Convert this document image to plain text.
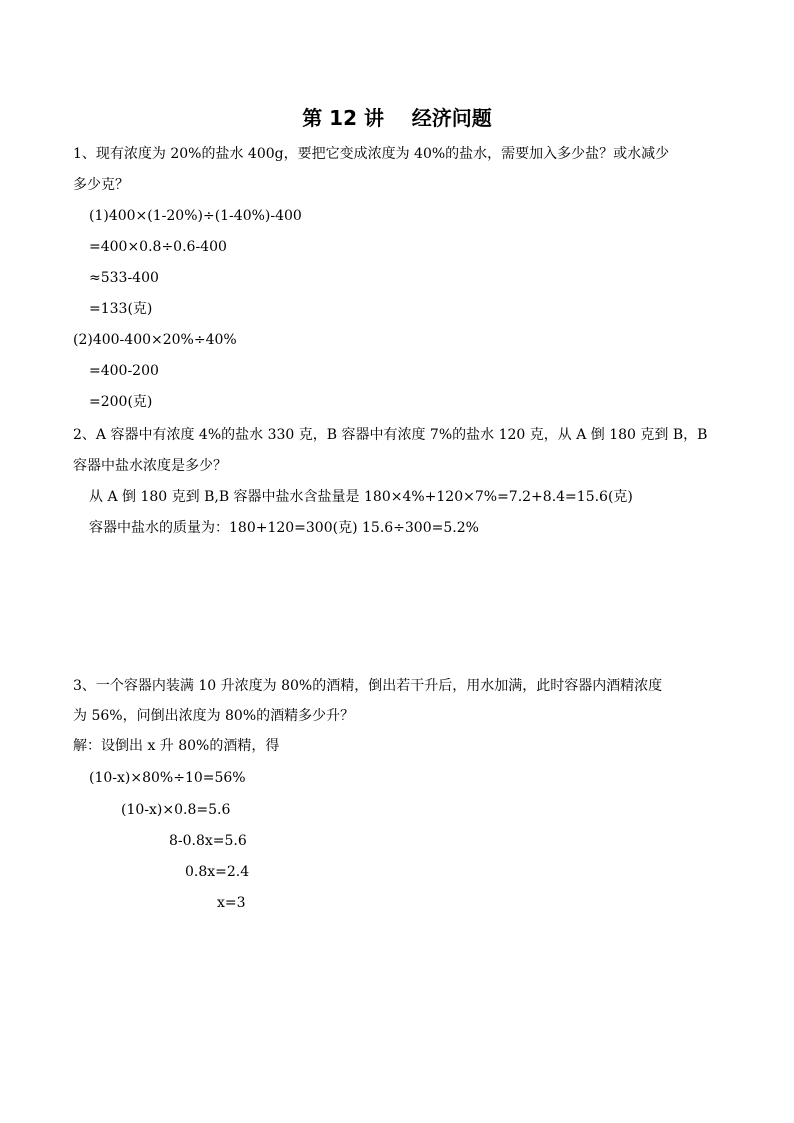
第 12 讲    经济问题
1、现有浓度为 20%的盐水 400g，要把它变成浓度为 40%的盐水，需要加入多少盐？或水减少
多少克？
(1)400×(1-20%)÷(1-40%)-400
=400×0.8÷0.6-400
≈533-400
=133(克)
(2)400-400×20%÷40%
=400-200
=200(克)
2、A 容器中有浓度 4%的盐水 330 克，B 容器中有浓度 7%的盐水 120 克，从 A 倒 180 克到 B，B
容器中盐水浓度是多少？
从 A 倒 180 克到 B,B 容器中盐水含盐量是 180×4%+120×7%=7.2+8.4=15.6(克)
容器中盐水的质量为：180+120=300(克) 15.6÷300=5.2%
3、一个容器内装满 10 升浓度为 80%的酒精，倒出若干升后，用水加满，此时容器内酒精浓度
为 56%，问倒出浓度为 80%的酒精多少升？
解：设倒出 x 升 80%的酒精，得
(10-x)×80%÷10=56%
(10-x)×0.8=5.6
8-0.8x=5.6
0.8x=2.4
x=3
